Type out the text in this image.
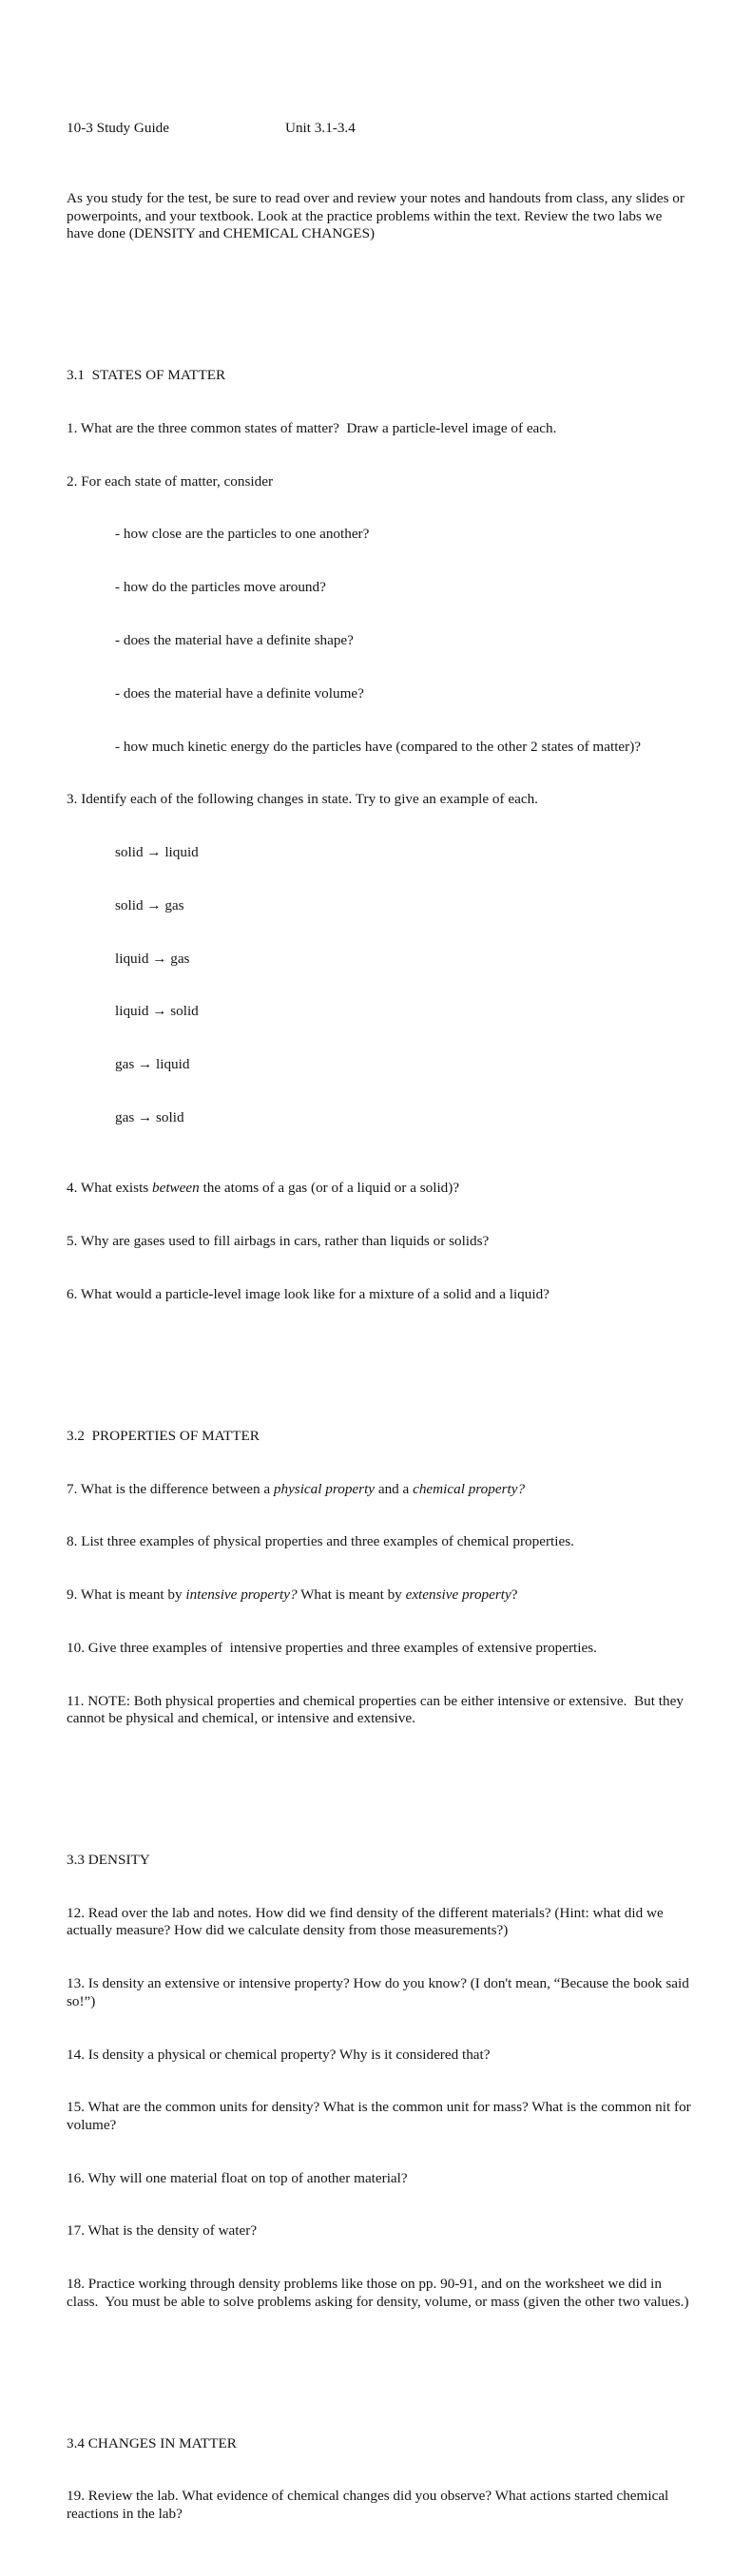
10-3 Study Guide	Unit 3.1-3.4

As you study for the test, be sure to read over and review your notes and handouts from class, any slides or powerpoints, and your textbook. Look at the practice problems within the text. Review the two labs we have done (DENSITY and CHEMICAL CHANGES)

3.1  STATES OF MATTER

1. What are the three common states of matter?  Draw a particle-level image of each.

2. For each state of matter, consider

- how close are the particles to one another?

- how do the particles move around?

- does the material have a definite shape?

- does the material have a definite volume?

- how much kinetic energy do the particles have (compared to the other 2 states of matter)?

3. Identify each of the following changes in state. Try to give an example of each.

solid → liquid

solid → gas

liquid → gas

liquid → solid

gas → liquid

gas → solid

4. What exists between the atoms of a gas (or of a liquid or a solid)?

5. Why are gases used to fill airbags in cars, rather than liquids or solids?

6. What would a particle-level image look like for a mixture of a solid and a liquid?

3.2  PROPERTIES OF MATTER

7. What is the difference between a physical property and a chemical property?

8. List three examples of physical properties and three examples of chemical properties.

9. What is meant by intensive property? What is meant by extensive property?

10. Give three examples of  intensive properties and three examples of extensive properties.

11. NOTE: Both physical properties and chemical properties can be either intensive or extensive.  But they cannot be physical and chemical, or intensive and extensive.

3.3 DENSITY

12. Read over the lab and notes. How did we find density of the different materials? (Hint: what did we actually measure? How did we calculate density from those measurements?)

13. Is density an extensive or intensive property? How do you know? (I don't mean, “Because the book said so!”)

14. Is density a physical or chemical property? Why is it considered that?

15. What are the common units for density? What is the common unit for mass? What is the common nit for volume?

16. Why will one material float on top of another material?

17. What is the density of water?

18. Practice working through density problems like those on pp. 90-91, and on the worksheet we did in class.  You must be able to solve problems asking for density, volume, or mass (given the other two values.)

3.4 CHANGES IN MATTER

19. Review the lab. What evidence of chemical changes did you observe? What actions started chemical reactions in the lab?
